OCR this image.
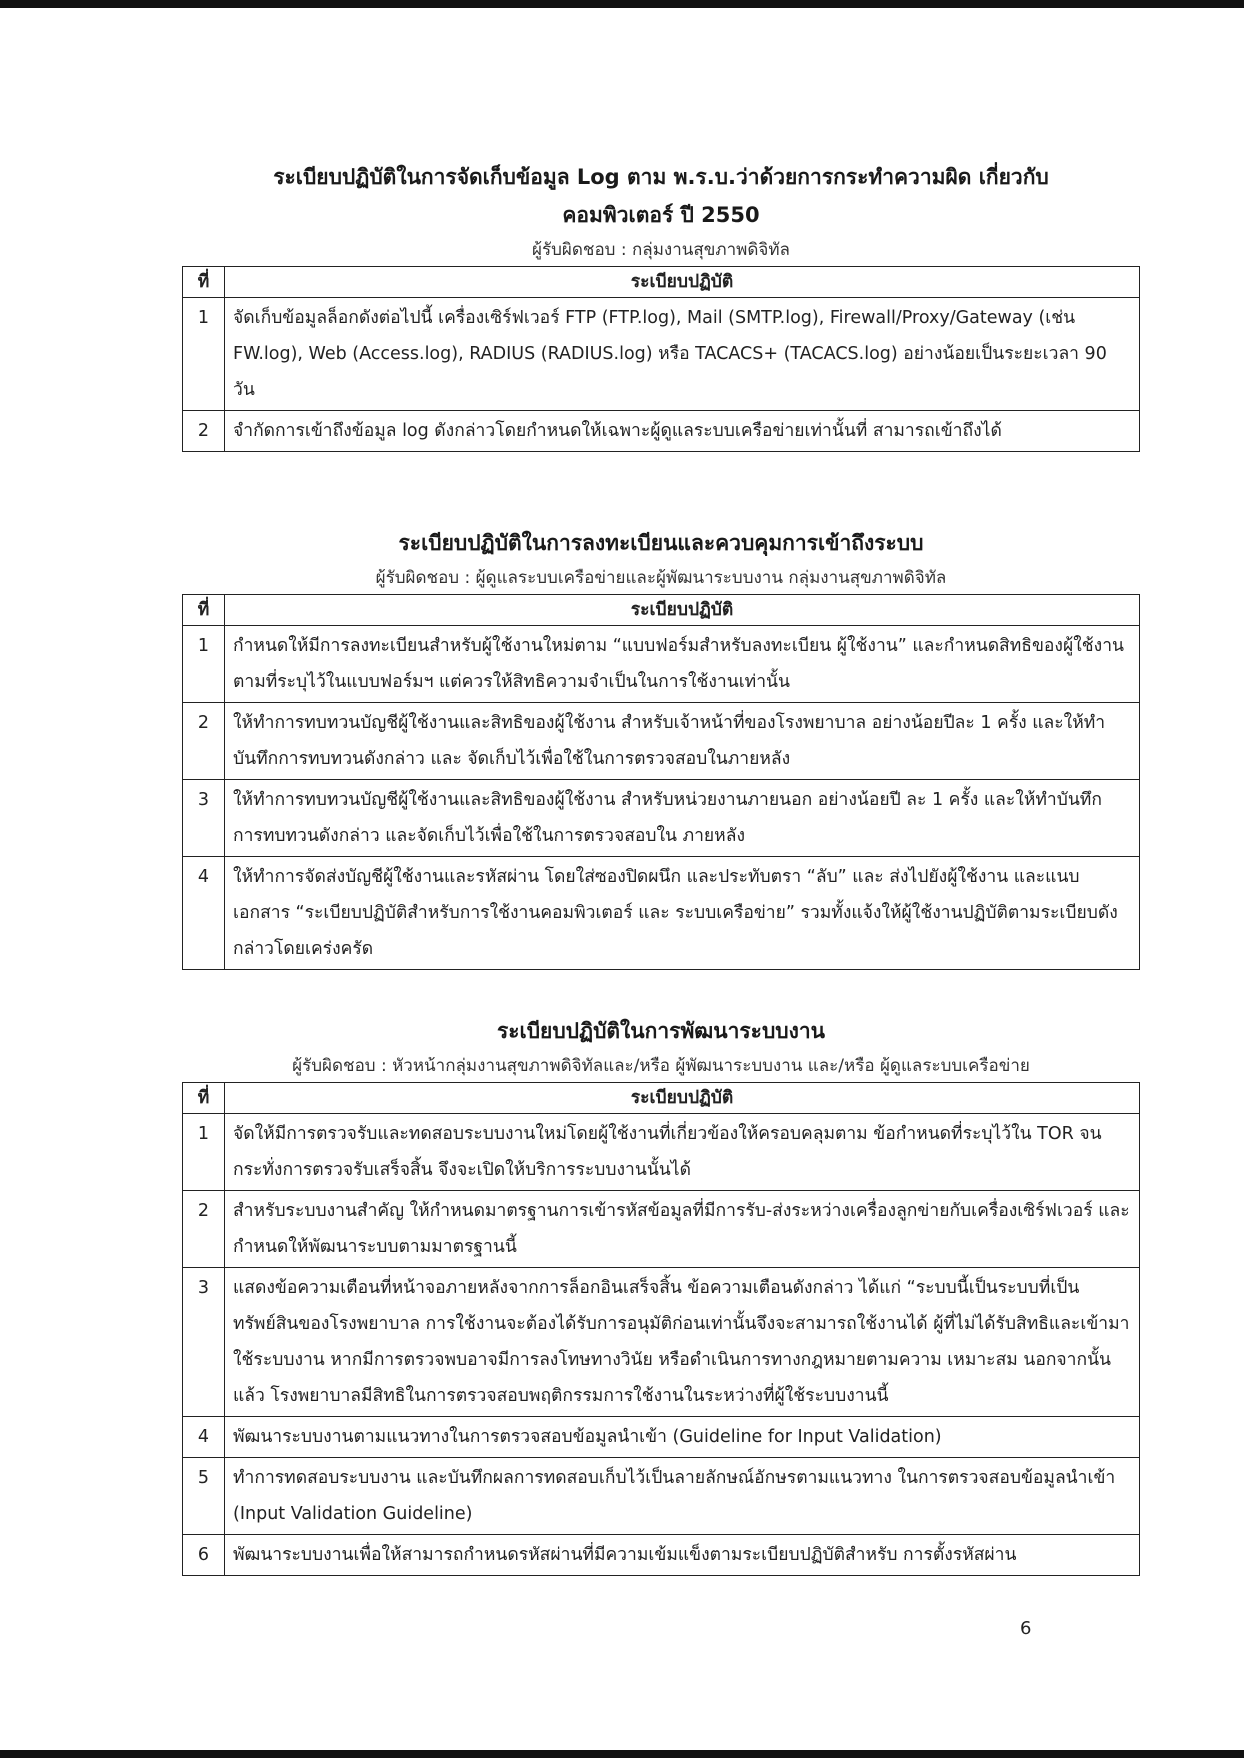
ระเบียบปฏิบัติในการจัดเก็บข้อมูล Log ตาม พ.ร.บ.ว่าด้วยการกระทำความผิด เกี่ยวกับ
คอมพิวเตอร์ ปี 2550
ผู้รับผิดชอบ : กลุ่มงานสุขภาพดิจิทัล
ที่	ระเบียบปฏิบัติ
1	จัดเก็บข้อมูลล็อกดังต่อไปนี้ เครื่องเซิร์ฟเวอร์ FTP (FTP.log), Mail (SMTP.log), Firewall/Proxy/Gateway (เช่น FW.log), Web (Access.log), RADIUS (RADIUS.log) หรือ TACACS+ (TACACS.log) อย่างน้อยเป็นระยะเวลา 90 วัน
2	จำกัดการเข้าถึงข้อมูล log ดังกล่าวโดยกำหนดให้เฉพาะผู้ดูแลระบบเครือข่ายเท่านั้นที่ สามารถเข้าถึงได้
ระเบียบปฏิบัติในการลงทะเบียนและควบคุมการเข้าถึงระบบ
ผู้รับผิดชอบ : ผู้ดูแลระบบเครือข่ายและผู้พัฒนาระบบงาน กลุ่มงานสุขภาพดิจิทัล
ที่	ระเบียบปฏิบัติ
1	กำหนดให้มีการลงทะเบียนสำหรับผู้ใช้งานใหม่ตาม “แบบฟอร์มสำหรับลงทะเบียน ผู้ใช้งาน” และกำหนดสิทธิของผู้ใช้งานตามที่ระบุไว้ในแบบฟอร์มฯ แต่ควรให้สิทธิความจำเป็นในการใช้งานเท่านั้น
2	ให้ทำการทบทวนบัญชีผู้ใช้งานและสิทธิของผู้ใช้งาน สำหรับเจ้าหน้าที่ของโรงพยาบาล อย่างน้อยปีละ 1 ครั้ง และให้ทำบันทึกการทบทวนดังกล่าว และ จัดเก็บไว้เพื่อใช้ในการตรวจสอบในภายหลัง
3	ให้ทำการทบทวนบัญชีผู้ใช้งานและสิทธิของผู้ใช้งาน สำหรับหน่วยงานภายนอก อย่างน้อยปี ละ 1 ครั้ง และให้ทำบันทึกการทบทวนดังกล่าว และจัดเก็บไว้เพื่อใช้ในการตรวจสอบใน ภายหลัง
4	ให้ทำการจัดส่งบัญชีผู้ใช้งานและรหัสผ่าน โดยใส่ซองปิดผนึก และประทับตรา “ลับ” และ ส่งไปยังผู้ใช้งาน และแนบเอกสาร “ระเบียบปฏิบัติสำหรับการใช้งานคอมพิวเตอร์ และ ระบบเครือข่าย” รวมทั้งแจ้งให้ผู้ใช้งานปฏิบัติตามระเบียบดังกล่าวโดยเคร่งครัด
ระเบียบปฏิบัติในการพัฒนาระบบงาน
ผู้รับผิดชอบ : หัวหน้ากลุ่มงานสุขภาพดิจิทัลและ/หรือ ผู้พัฒนาระบบงาน และ/หรือ ผู้ดูแลระบบเครือข่าย
ที่	ระเบียบปฏิบัติ
1	จัดให้มีการตรวจรับและทดสอบระบบงานใหม่โดยผู้ใช้งานที่เกี่ยวข้องให้ครอบคลุมตาม ข้อกำหนดที่ระบุไว้ใน TOR จนกระทั่งการตรวจรับเสร็จสิ้น จึงจะเปิดให้บริการระบบงานนั้นได้
2	สำหรับระบบงานสำคัญ ให้กำหนดมาตรฐานการเข้ารหัสข้อมูลที่มีการรับ-ส่งระหว่างเครื่องลูกข่ายกับเครื่องเซิร์ฟเวอร์ และกำหนดให้พัฒนาระบบตามมาตรฐานนี้
3	แสดงข้อความเตือนที่หน้าจอภายหลังจากการล็อกอินเสร็จสิ้น ข้อความเตือนดังกล่าว ได้แก่ “ระบบนี้เป็นระบบที่เป็นทรัพย์สินของโรงพยาบาล การใช้งานจะต้องได้รับการอนุมัติก่อนเท่านั้นจึงจะสามารถใช้งานได้ ผู้ที่ไม่ได้รับสิทธิและเข้ามาใช้ระบบงาน หากมีการตรวจพบอาจมีการลงโทษทางวินัย หรือดำเนินการทางกฎหมายตามความ เหมาะสม นอกจากนั้นแล้ว โรงพยาบาลมีสิทธิในการตรวจสอบพฤติกรรมการใช้งานในระหว่างที่ผู้ใช้ระบบงานนี้
4	พัฒนาระบบงานตามแนวทางในการตรวจสอบข้อมูลนำเข้า (Guideline for Input Validation)
5	ทำการทดสอบระบบงาน และบันทึกผลการทดสอบเก็บไว้เป็นลายลักษณ์อักษรตามแนวทาง ในการตรวจสอบข้อมูลนำเข้า (Input Validation Guideline)
6	พัฒนาระบบงานเพื่อให้สามารถกำหนดรหัสผ่านที่มีความเข้มแข็งตามระเบียบปฏิบัติสำหรับ การตั้งรหัสผ่าน
6
